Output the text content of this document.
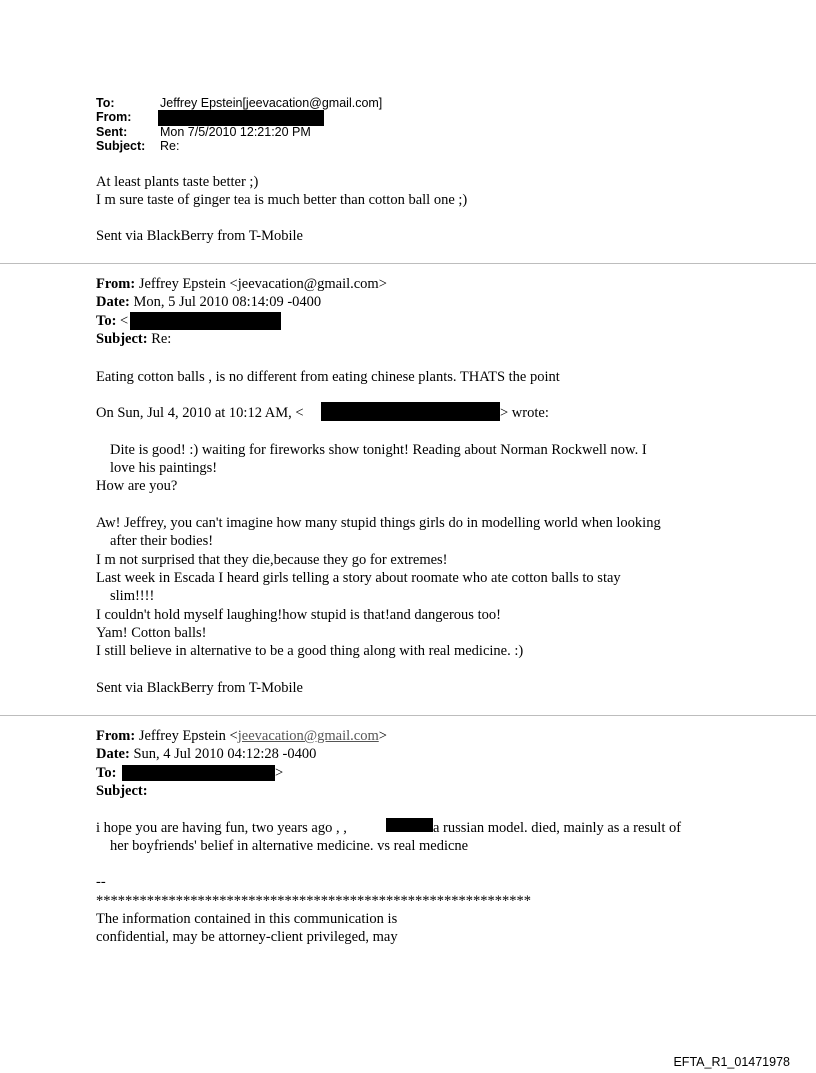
To:	Jeffrey Epstein[jeevacation@gmail.com]
From:
Sent:	Mon 7/5/2010 12:21:20 PM
Subject: Re:
At least plants taste better ;)
I m sure taste of ginger tea is much better than cotton ball one ;)
Sent via BlackBerry from T-Mobile
From: Jeffrey Epstein <jeevacation@gmail.com>
Date: Mon, 5 Jul 2010 08:14:09 -0400
To: <
Subject: Re:
Eating cotton balls , is no different from eating chinese plants. THATS the point
On Sun, Jul 4, 2010 at 10:12 AM, <	> wrote:
Dite is good! :) waiting for fireworks show tonight! Reading about Norman Rockwell now. I
love his paintings!
How are you?
Aw! Jeffrey, you can't imagine how many stupid things girls do in modelling world when looking
after their bodies!
I m not surprised that they die,because they go for extremes!
Last week in Escada I heard girls telling a story about roomate who ate cotton balls to stay
slim!!!!
I couldn't hold myself laughing!how stupid is that!and dangerous too!
Yam! Cotton balls!
I still believe in alternative to be a good thing along with real medicine. :)
Sent via BlackBerry from T-Mobile
From: Jeffrey Epstein <jeevacation@gmail.com>
Date: Sun, 4 Jul 2010 04:12:28 -0400
To:	>
Subject:
i hope you are having fun, two years ago , ,	a russian model. died, mainly as a result of
her boyfriends' belief in alternative medicine. vs real medicne
--
************************************************************
The information contained in this communication is
confidential, may be attorney-client privileged, may
EFTA_R1_01471978
